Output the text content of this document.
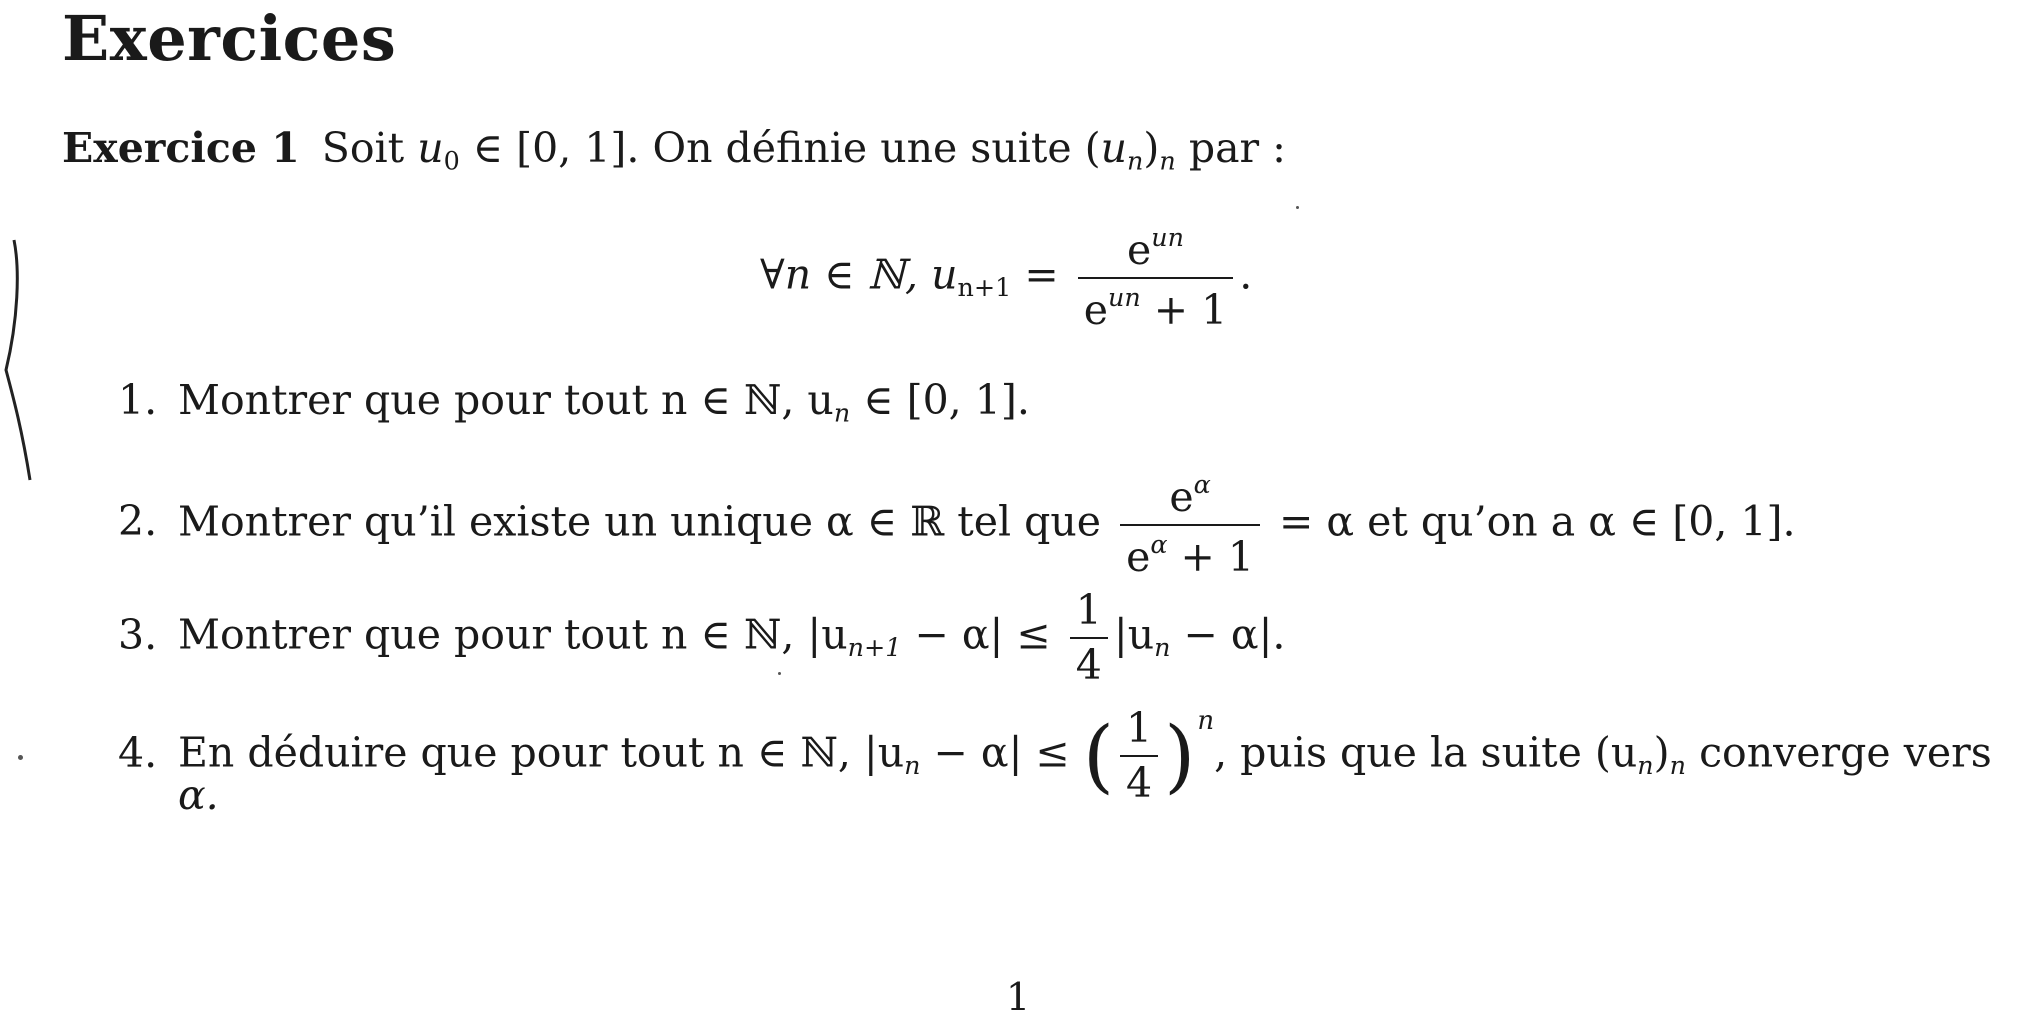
Exercices
Exercice 1 Soit $u_0$ ∈ [0, 1]. On définie une suite $(u_n)_n$ par :
∀n ∈ ℕ, $u_{n+1} = \frac{e^{un}}{e^{un} + 1}$ .
1. Montrer que pour tout n ∈ ℕ, $u_n$ ∈ [0, 1].
2. Montrer qu’il existe un unique α ∈ ℝ tel que $\frac{e^\alpha}{e^\alpha + 1} = \alpha$ et qu’on a α ∈ [0, 1].
3. Montrer que pour tout n ∈ ℕ, $|u_{n+1} - \alpha| \le \frac{1}{4} |u_n - \alpha|$.
4. En déduire que pour tout n ∈ ℕ, $|u_n - \alpha|$ ≤ ( $\frac{1}{4}$ ) n
, puis que la suite $(u_n)_n$ converge vers
α.
1
